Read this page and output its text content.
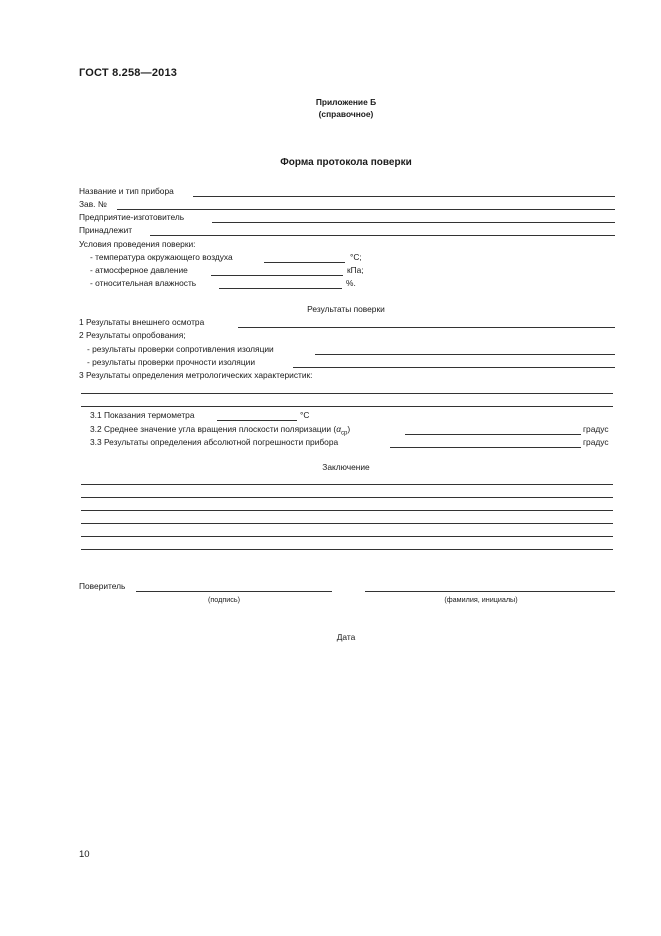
ГОСТ 8.258—2013
Приложение Б
(справочное)
Форма протокола поверки
Название и тип прибора
Зав. №
Предприятие-изготовитель
Принадлежит
Условия проведения поверки:
- температура окружающего воздуха	°С;
- атмосферное давление	кПа;
- относительная влажность	%.
Результаты поверки
1 Результаты внешнего осмотра
2 Результаты опробования;
- результаты проверки сопротивления изоляции
- результаты проверки прочности изоляции
3 Результаты определения метрологических характеристик:
3.1 Показания термометра	°С
3.2 Среднее значение угла вращения плоскости поляризации $(\alpha_{ср})$	градус
3.3 Результаты определения абсолютной погрешности прибора	градус
Заключение
Поверитель
(подпись)	(фамилия, инициалы)
Дата
10
